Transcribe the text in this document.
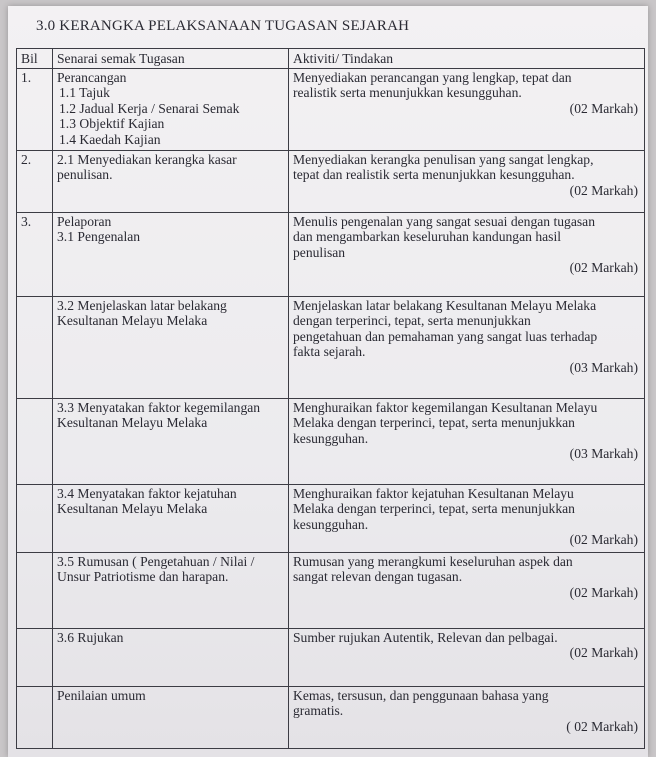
3.0 KERANGKA PELAKSANAAN TUGASAN SEJARAH
Bil	Senarai semak Tugasan	Aktiviti/ Tindakan
1.	Perancangan
1.1 Tajuk
1.2 Jadual Kerja / Senarai Semak
1.3 Objektif Kajian
1.4 Kaedah Kajian	Menyediakan perancangan yang lengkap, tepat dan
realistik serta menunjukkan kesungguhan.
(02 Markah)

2.	2.1 Menyediakan kerangka kasar
penulisan.	Menyediakan kerangka penulisan yang sangat lengkap,
tepat dan realistik serta menunjukkan kesungguhan.
(02 Markah)

3.	Pelaporan
3.1 Pengenalan	Menulis pengenalan yang sangat sesuai dengan tugasan
dan mengambarkan keseluruhan kandungan hasil
penulisan
(02 Markah)

	3.2 Menjelaskan latar belakang
Kesultanan Melayu Melaka	Menjelaskan latar belakang Kesultanan Melayu Melaka
dengan terperinci, tepat, serta menunjukkan
pengetahuan dan pemahaman yang sangat luas terhadap
fakta sejarah.
(03 Markah)

	3.3 Menyatakan faktor kegemilangan
Kesultanan Melayu Melaka	Menghuraikan faktor kegemilangan Kesultanan Melayu
Melaka dengan terperinci, tepat, serta menunjukkan
kesungguhan.
(03 Markah)

	3.4 Menyatakan faktor kejatuhan
Kesultanan Melayu Melaka	Menghuraikan faktor kejatuhan Kesultanan Melayu
Melaka dengan terperinci, tepat, serta menunjukkan
kesungguhan.
(02 Markah)

	3.5 Rumusan ( Pengetahuan / Nilai /
Unsur Patriotisme dan harapan.	Rumusan yang merangkumi keseluruhan aspek dan
sangat relevan dengan tugasan.
(02 Markah)

	3.6 Rujukan	Sumber rujukan Autentik, Relevan dan pelbagai.
(02 Markah)

	Penilaian umum	Kemas, tersusun, dan penggunaan bahasa yang
gramatis.
( 02 Markah)
